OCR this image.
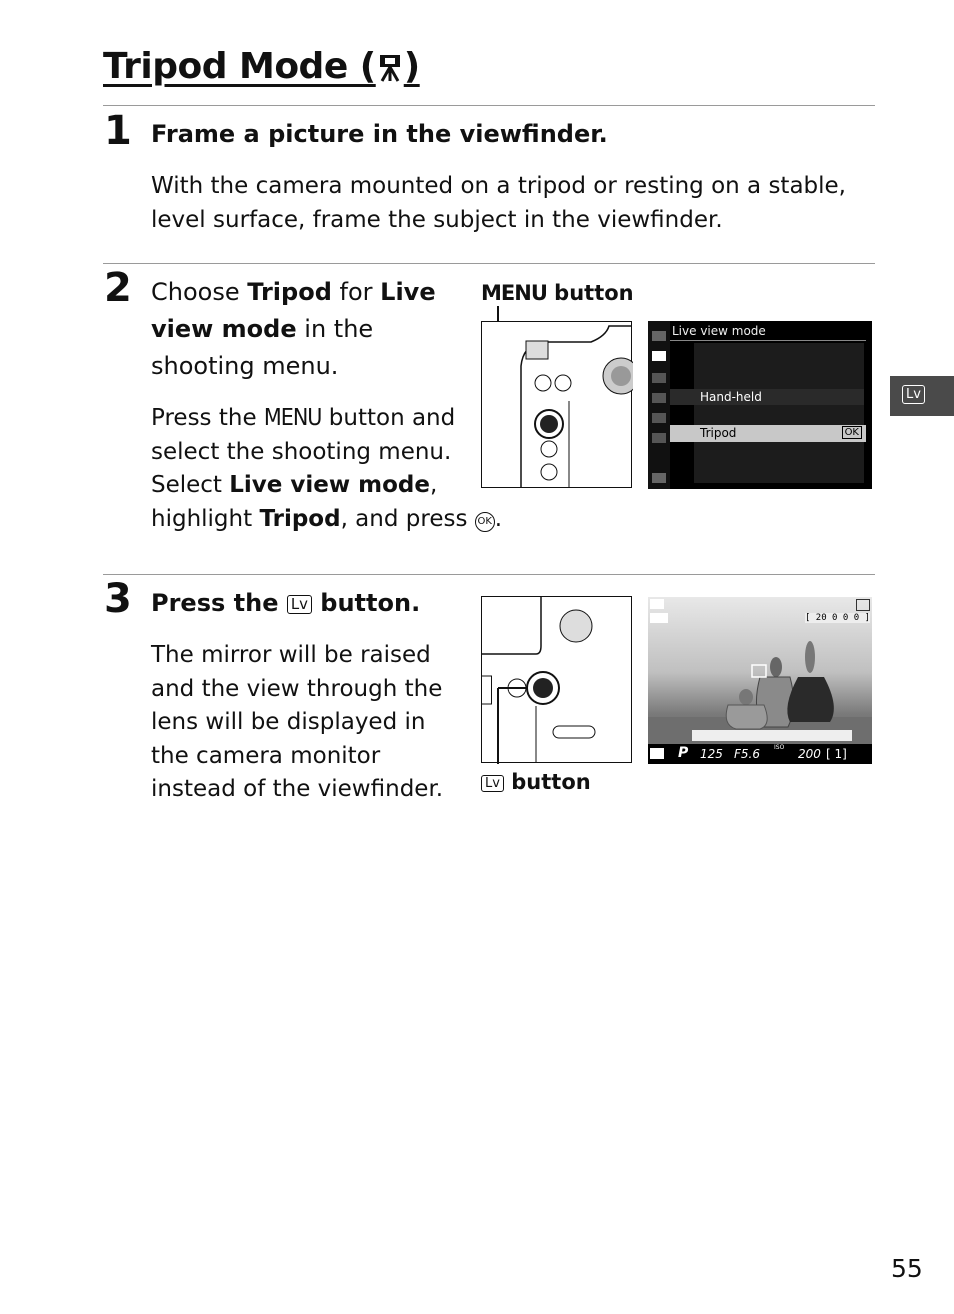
Tripod Mode ( )
1 Frame a picture in the viewfinder.
With the camera mounted on a tripod or resting on a stable, level surface, frame the subject in the viewfinder.
2 Choose Tripod for Live view mode in the shooting menu.
Press the MENU button and select the shooting menu. Select Live view mode, highlight Tripod, and press OK .
MENU button
Live view mode
Hand-held
Tripod	OK
Lv
3 Press the Lv button.
The mirror will be raised and the view through the lens will be displayed in the camera monitor instead of the viewfinder.	Lv button
[ 20 0 0 0 ]
P 125 F5.6 ISO 200 [ 1]
55
